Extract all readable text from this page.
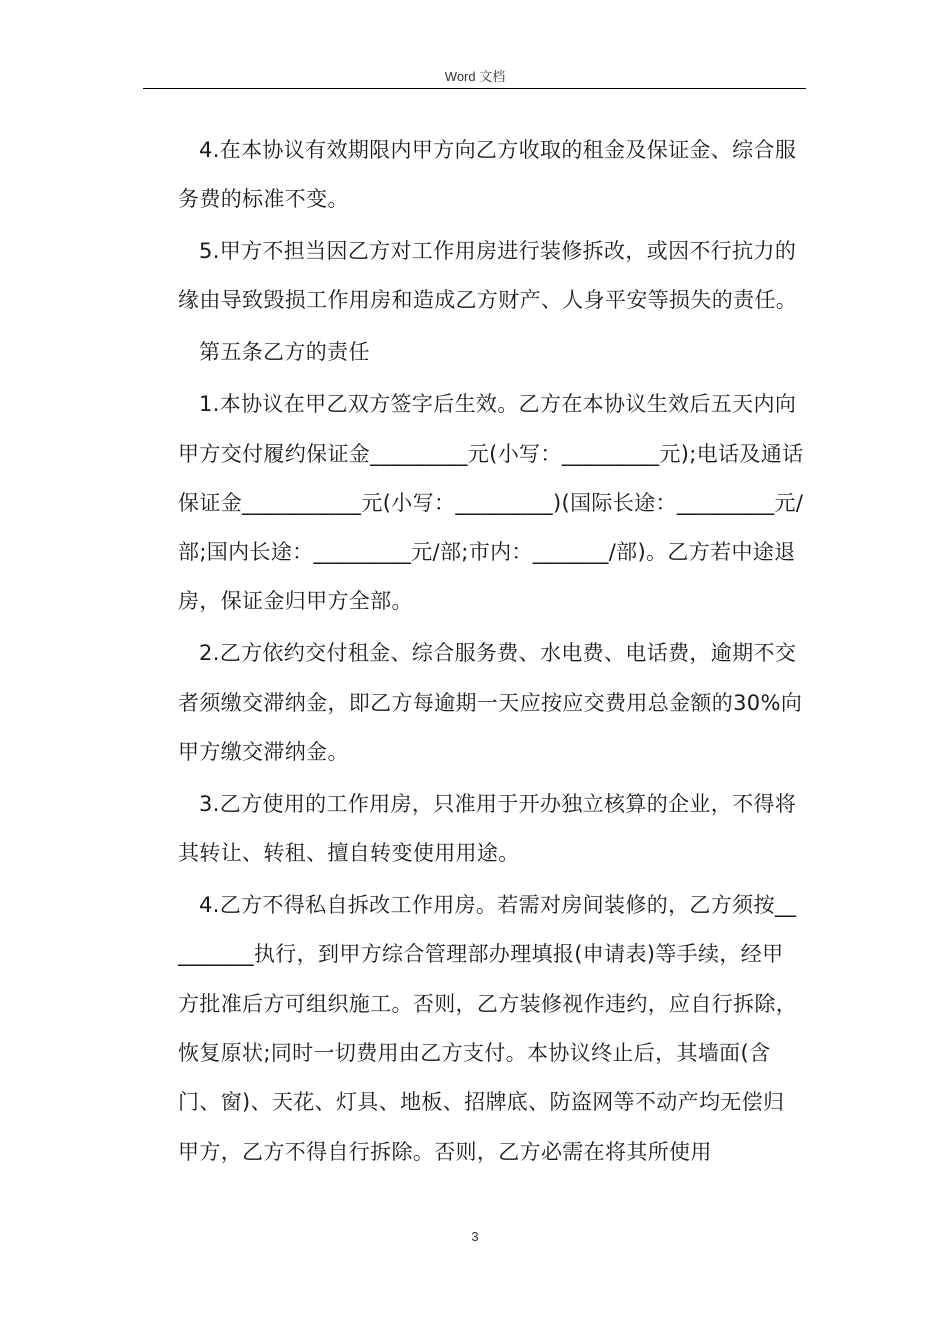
Word 文档

4.在本协议有效期限内甲方向乙方收取的租金及保证金、综合服务费的标准不变。

5.甲方不担当因乙方对工作用房进行装修拆改，或因不行抗力的缘由导致毁损工作用房和造成乙方财产、人身平安等损失的责任。

第五条乙方的责任

1.本协议在甲乙双方签字后生效。乙方在本协议生效后五天内向甲方交付履约保证金_________元(小写：_________元);电话及通话保证金___________元(小写：_________)(国际长途：_________元/部;国内长途：_________元/部;市内：_______/部)。乙方若中途退房，保证金归甲方全部。

2.乙方依约交付租金、综合服务费、水电费、电话费，逾期不交者须缴交滞纳金，即乙方每逾期一天应按应交费用总金额的30%向甲方缴交滞纳金。

3.乙方使用的工作用房，只准用于开办独立核算的企业，不得将其转让、转租、擅自转变使用用途。

4.乙方不得私自拆改工作用房。若需对房间装修的，乙方须按_________执行，到甲方综合管理部办理填报(申请表)等手续，经甲方批准后方可组织施工。否则，乙方装修视作违约，应自行拆除，恢复原状;同时一切费用由乙方支付。本协议终止后，其墙面(含门、窗)、天花、灯具、地板、招牌底、防盗网等不动产均无偿归甲方，乙方不得自行拆除。否则，乙方必需在将其所使用

3
